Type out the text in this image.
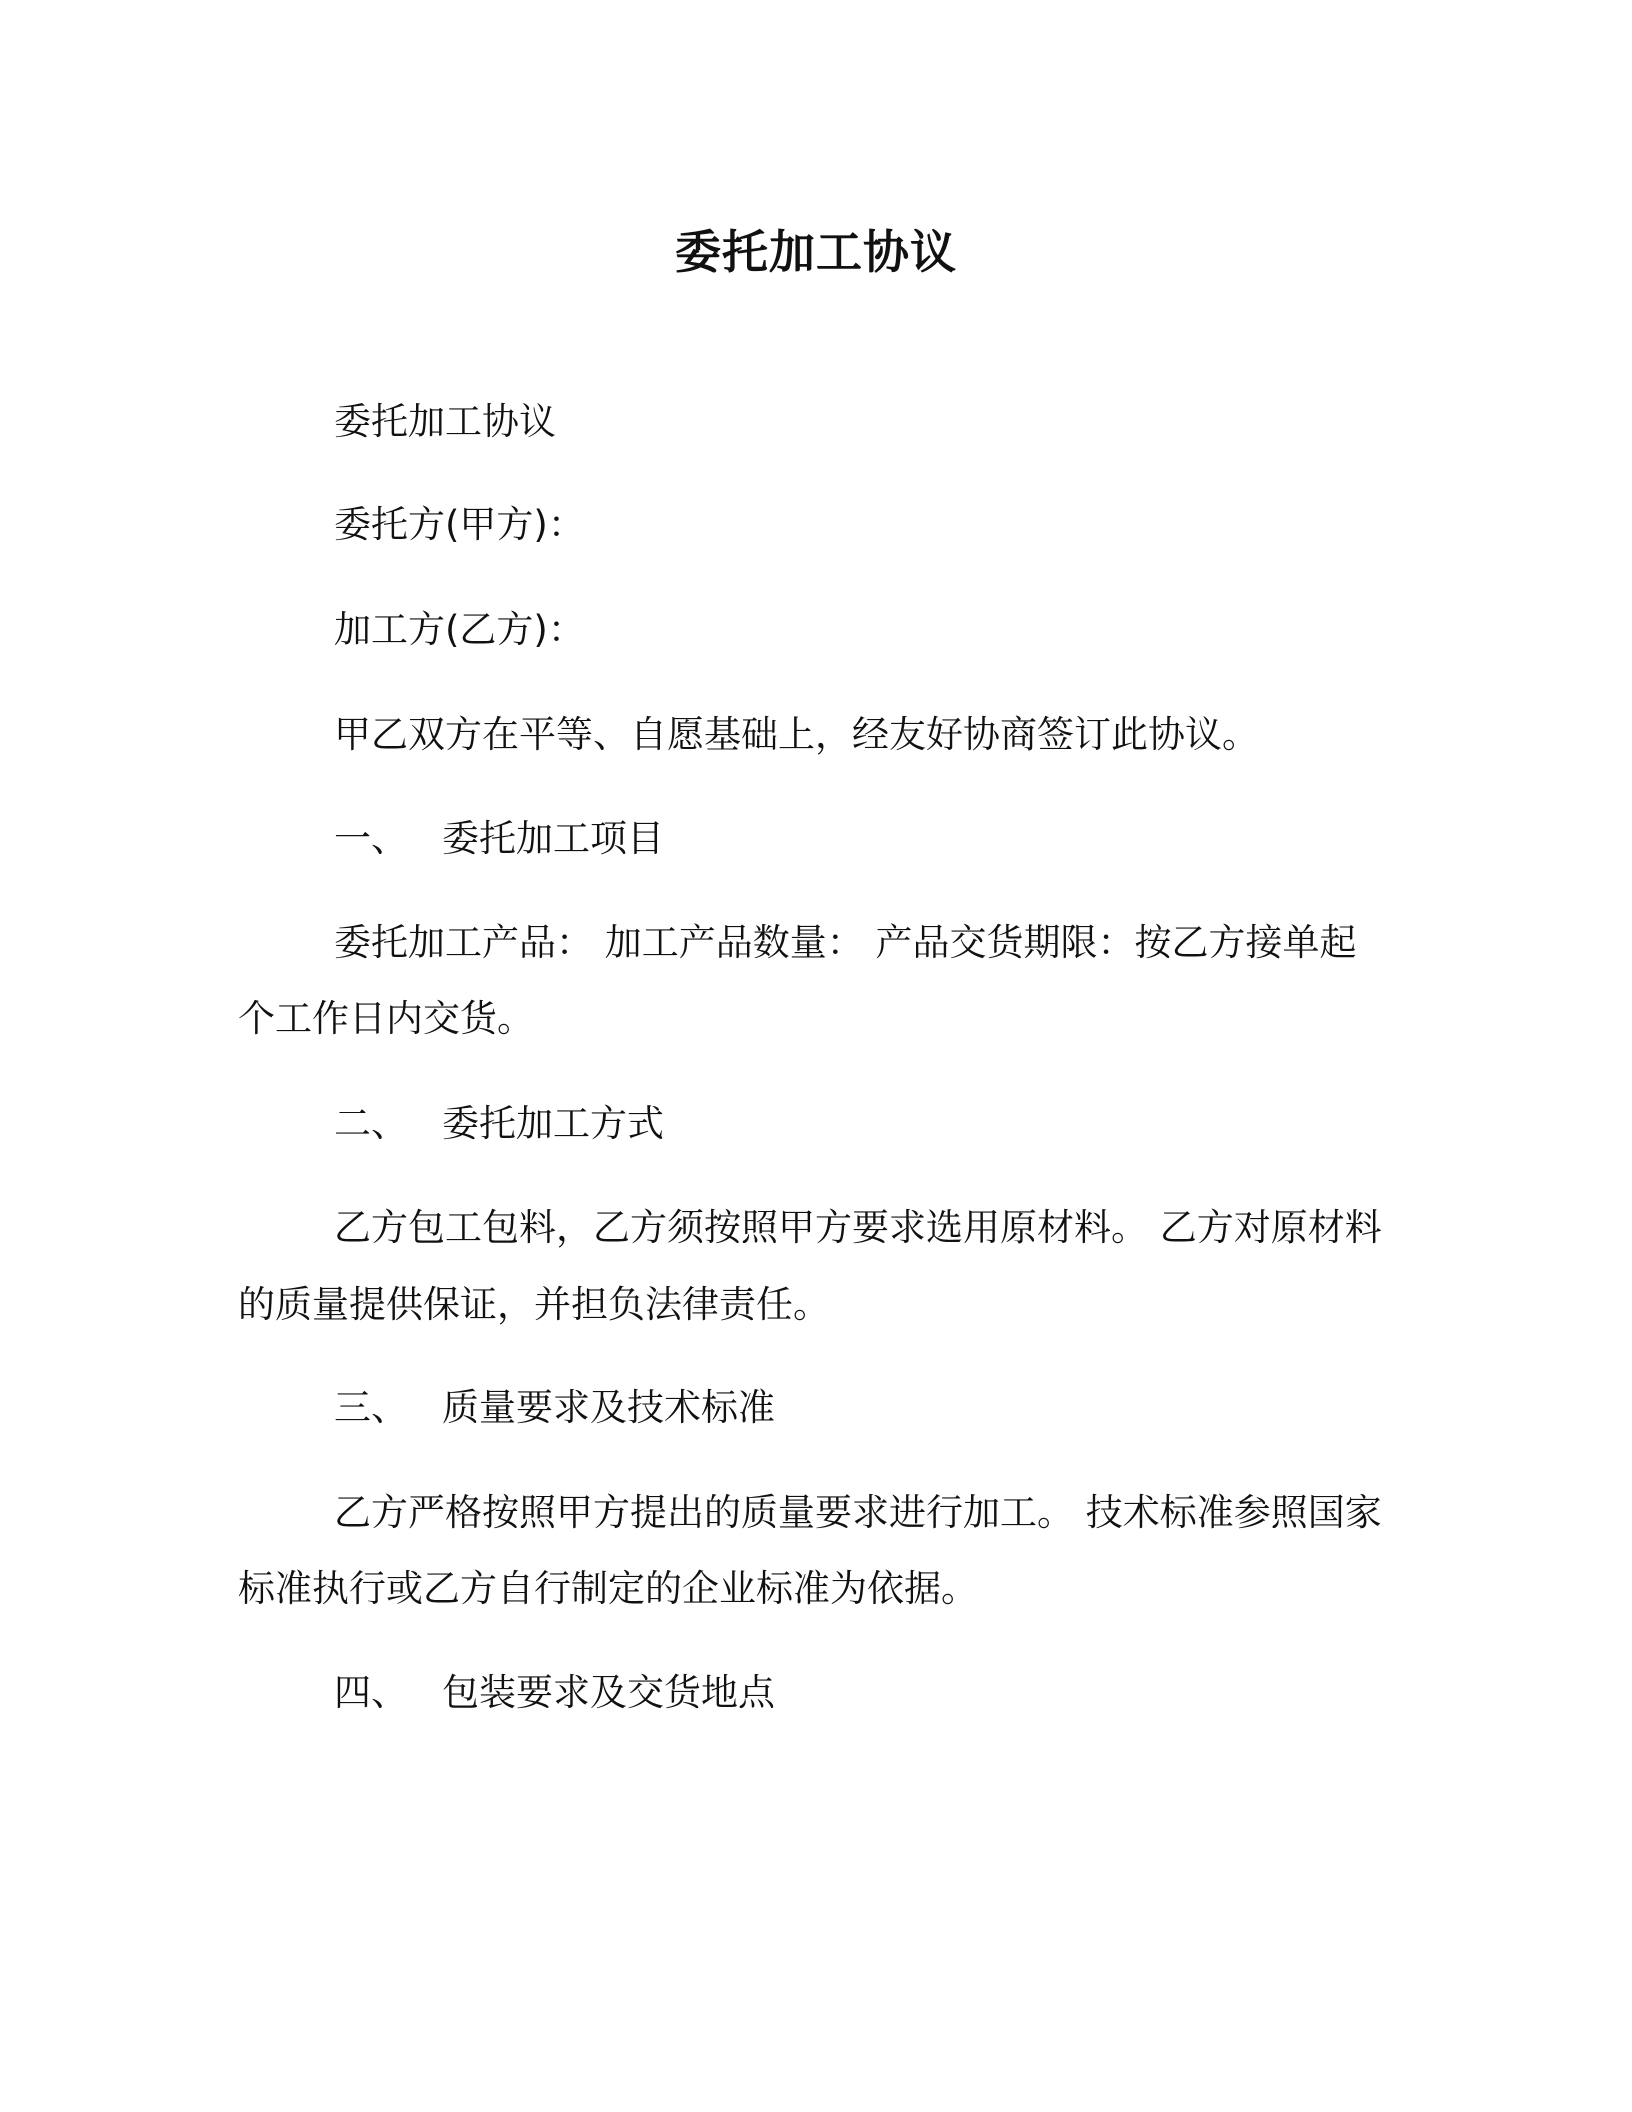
委托加工协议
委托加工协议
委托方(甲方)：
加工方(乙方)：
甲乙双方在平等、自愿基础上，经友好协商签订此协议。
一、 委托加工项目
委托加工产品： 加工产品数量： 产品交货期限：按乙方接单起
个工作日内交货。
二、 委托加工方式
乙方包工包料，乙方须按照甲方要求选用原材料。 乙方对原材料
的质量提供保证，并担负法律责任。
三、 质量要求及技术标准
乙方严格按照甲方提出的质量要求进行加工。 技术标准参照国家
标准执行或乙方自行制定的企业标准为依据。
四、 包装要求及交货地点
